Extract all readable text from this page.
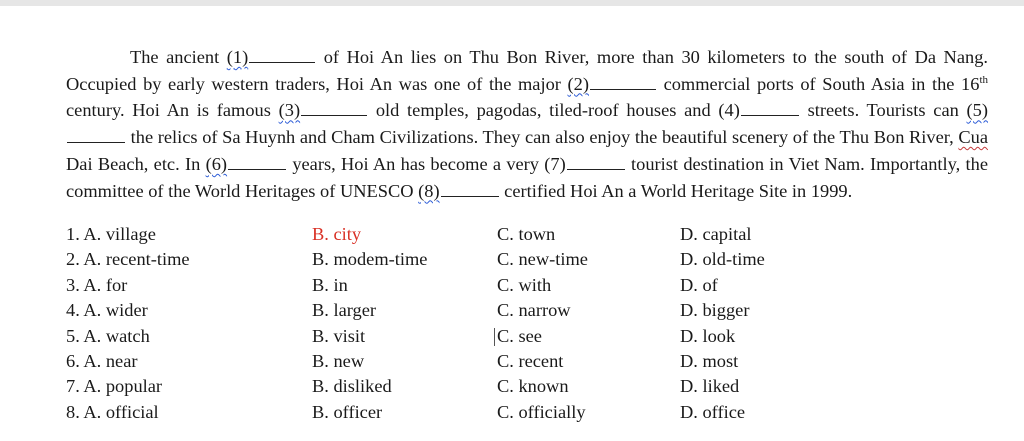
The ancient (1)	of Hoi An lies on Thu Bon River, more than 30 kilometers to the south of Da Nang. Occupied by early western traders, Hoi An was one of the major (2)	commercial ports of South Asia in the 16th century. Hoi An is famous (3)	old temples, pagodas, tiled-roof houses and (4)	streets. Tourists can (5) the relics of Sa Huynh and Cham Civilizations. They can also enjoy the beautiful scenery of the Thu Bon River, Cua Dai Beach, etc. In (6)	years, Hoi An has become a very (7)	tourist destination in Viet Nam. Importantly, the committee of the World Heritages of UNESCO (8)	certified Hoi An a World Heritage Site in 1999.

1. A. village	B. city	C. town	D. capital
2. A. recent-time	B. modem-time	C. new-time	D. old-time
3. A. for	B. in	C. with	D. of
4. A. wider	B. larger	C. narrow	D. bigger
5. A. watch	B. visit	C. see	D. look
6. A. near	B. new	C. recent	D. most
7. A. popular	B. disliked	C. known	D. liked
8. A. official	B. officer	C. officially	D. office
